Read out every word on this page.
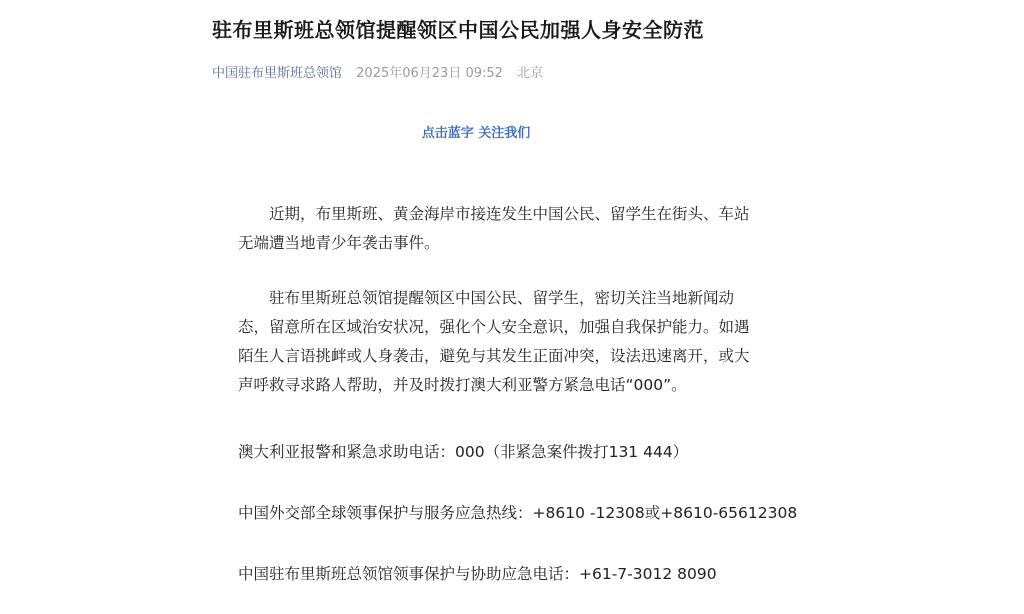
驻布里斯班总领馆提醒领区中国公民加强人身安全防范
中国驻布里斯班总领馆 2025年06月23日 09:52 北京
点击蓝字 关注我们

近期，布里斯班、黄金海岸市接连发生中国公民、留学生在街头、车站无端遭当地青少年袭击事件。

驻布里斯班总领馆提醒领区中国公民、留学生，密切关注当地新闻动态，留意所在区域治安状况，强化个人安全意识，加强自我保护能力。如遇陌生人言语挑衅或人身袭击，避免与其发生正面冲突，设法迅速离开，或大声呼救寻求路人帮助，并及时拨打澳大利亚警方紧急电话“000”。

澳大利亚报警和紧急求助电话：000（非紧急案件拨打131 444）
中国外交部全球领事保护与服务应急热线：+8610 -12308或+8610-65612308
中国驻布里斯班总领馆领事保护与协助应急电话：+61-7-3012 8090
